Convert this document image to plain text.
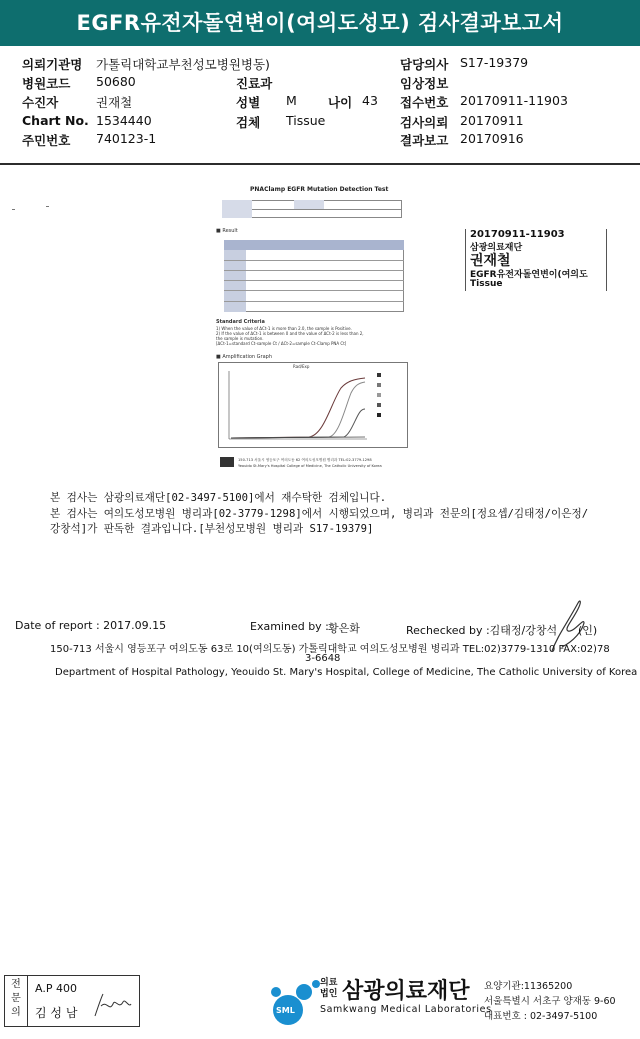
EGFR유전자돌연변이(여의도성모) 검사결과보고서
의뢰기관명 가톨릭대학교부천성모병원병동)	담당의사 S17-19379
병원코드 50680	진료과	임상정보
수진자	권재철	성별 M 나이 43 접수번호 20170911-11903
Chart No. 1534440	검체 Tissue	검사의뢰 20170911
주민번호 740123-1	결과보고 20170916
PNAClamp EGFR Mutation Detection Test
■ Result
Standard Criteria
1) When the value of ΔCt-1 is more than 2.0, the sample is Positive.
2) If the value of ΔCt-1 is between 0 and the value of ΔCt-2 is less than 2,
the sample is mutation.
[ΔCt-1=standard Ct-sample Ct / ΔCt-2=sample Ct-Clamp PNA Ct]
■ Amplification Graph
Rad/Exp
150-713 서울시 영등포구 여의도동 62 여의도성모병원 병리과 TEL:02-3779-1298
Yeouido St.Mary's Hospital College of Medicine, The Catholic University of Korea
20170911-11903
삼광의료재단
권재철
EGFR유전자돌연변이(여의도
Tissue
본 검사는 삼광의료재단[02-3497-5100]에서 재수탁한 검체입니다.
본 검사는 여의도성모병원 병리과[02-3779-1298]에서 시행되었으며, 병리과 전문의[정요셉/김태정/이은정/
강창석]가 판독한 결과입니다.[부천성모병원 병리과 S17-19379]
Date of report : 2017.09.15	Examined by : 황은화	Rechecked by :김태정/강창석 (인)
150-713 서울시 영등포구 여의도동 63로 10(여의도동) 가톨릭대학교 여의도성모병원 병리과 TEL:02)3779-1310 FAX:02)78
3-6648
Department of Hospital Pathology, Yeouido St. Mary's Hospital, College of Medicine, The Catholic University of Korea
전문의
A.P 400
김 성 남	SML
의료
법인 삼광의료재단
Samkwang Medical Laboratories
요양기관:11365200
서울특별시 서초구 양재동 9-60
대표번호 : 02-3497-5100
